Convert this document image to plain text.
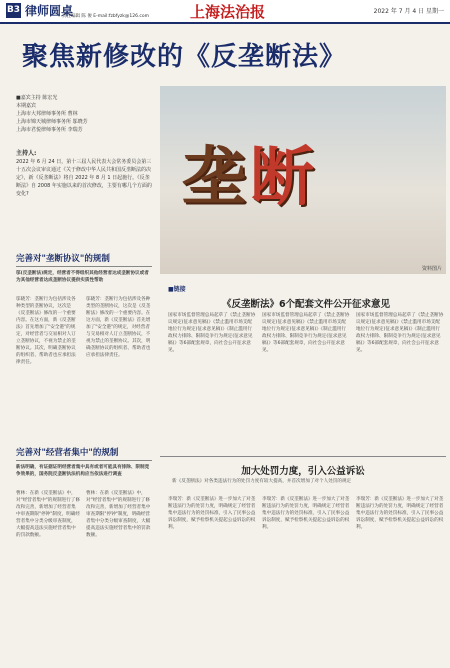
B3 律师圆桌
责任编辑 陈 俊 E-mail:fzbfyzk@126.com	上海法治报	2022 年 7 月 4 日 星期一
聚焦新修改的《反垄断法》
■嘉宾主持 陈宏光
本期嘉宾
上海市大邦律师事务所 曹林
上海市锦天城律师事务所 邬晓芳
上海市君悦律师事务所 李瑞芳
主持人:
2022 年 6 月 24 日，第十三届人民代表大会常务委员会第三十五次会议审议通过《关于修改中华人民共和国反垄断法的决定》，新《反垄断法》将自 2022 年 8 月 1 日起施行。《反垄断法》自 2008 年实施以来的首次修改，主要有哪几个方面的变化?	垄断
资料图片
完善对"垄断协议"的规制
邬(反垄断法)规定，经营者不得组织其他经营者达成垄断协议或者为其他经营者达成垄断协议提供实质性帮助
邬晓芳：垄断行为包括涉及各种类型的垄断协议，这次是《反垄断法》修改的一个重要内容。在这方面，新《反垄断法》首先增加了"安全港"的规定，对经营者与交易相对人订立垄断协议，不视为禁止的垄断协议。其次，明确垄断协议的组织者、帮助者也应承担法律责任。
邬晓芳：垄断行为包括涉及各种类型的垄断协议，这次是《反垄断法》修改的一个重要内容。在这方面，新《反垄断法》首先增加了"安全港"的规定，对经营者与交易相对人订立垄断协议，不视为禁止的垄断协议。其次，明确垄断协议的组织者、帮助者也应承担法律责任。
完善对"经营者集中"的规制
新法明确，有证据证明经营者集中具有或者可能具有排除、限制竞争效果的，国务院反垄断执法机构应当依法进行调查
曹林：在新《反垄断法》中，对"经营者集中"的规制进行了修改和完善，新增加了经营者集中审查期限"停钟"制度，明确经营者集中分类分级审查制度，大幅提高违法实施经营者集中的罚款数额。
曹林：在新《反垄断法》中，对"经营者集中"的规制进行了修改和完善，新增加了经营者集中审查期限"停钟"制度，明确经营者集中分类分级审查制度，大幅提高违法实施经营者集中的罚款数额。
■链接
《反垄断法》6个配套文件公开征求意见
国家市场监督管理总局起草了《禁止垄断协议规定(征求意见稿)》《禁止滥用市场支配地位行为规定(征求意见稿)》《制止滥用行政权力排除、限制竞争行为规定(征求意见稿)》等6部配套规章，向社会公开征求意见。
国家市场监督管理总局起草了《禁止垄断协议规定(征求意见稿)》《禁止滥用市场支配地位行为规定(征求意见稿)》《制止滥用行政权力排除、限制竞争行为规定(征求意见稿)》等6部配套规章，向社会公开征求意见。
国家市场监督管理总局起草了《禁止垄断协议规定(征求意见稿)》《禁止滥用市场支配地位行为规定(征求意见稿)》《制止滥用行政权力排除、限制竞争行为规定(征求意见稿)》等6部配套规章，向社会公开征求意见。
加大处罚力度，引入公益诉讼
新《反垄断法》对各类违法行为的处罚力度有较大提高，并首次增加了对个人处罚的规定
李瑞芳：新《反垄断法》进一步加大了对垄断违法行为的处罚力度，明确规定了经营者集中违法行为的处罚标准，引入了民事公益诉讼制度，赋予检察机关提起公益诉讼的权利。
李瑞芳：新《反垄断法》进一步加大了对垄断违法行为的处罚力度，明确规定了经营者集中违法行为的处罚标准，引入了民事公益诉讼制度，赋予检察机关提起公益诉讼的权利。
李瑞芳：新《反垄断法》进一步加大了对垄断违法行为的处罚力度，明确规定了经营者集中违法行为的处罚标准，引入了民事公益诉讼制度，赋予检察机关提起公益诉讼的权利。
